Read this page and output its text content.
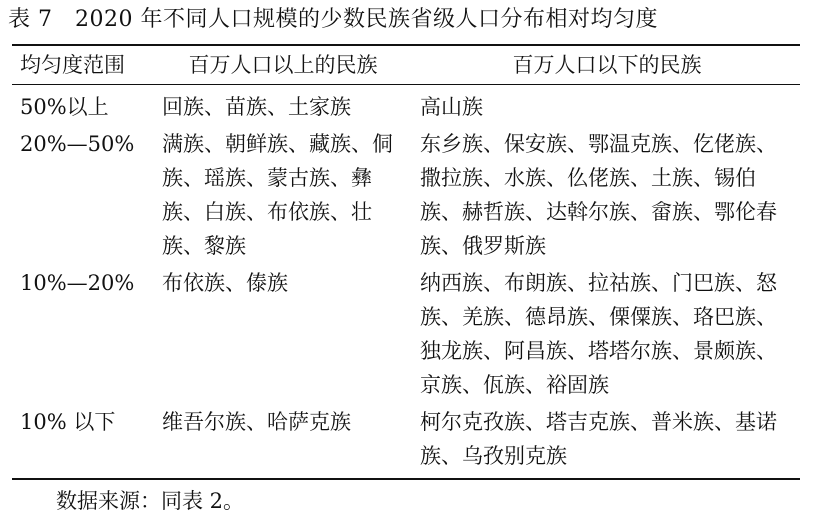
表 7　2020 年不同人口规模的少数民族省级人口分布相对均匀度
均匀度范围	百万人口以上的民族	百万人口以下的民族
50%以上	回族、苗族、土家族	高山族
20%—50%	满族、朝鲜族、藏族、侗族、瑶族、蒙古族、彝族、白族、布依族、壮族、黎族	东乡族、保安族、鄂温克族、仡佬族、撒拉族、水族、仫佬族、土族、锡伯族、赫哲族、达斡尔族、畲族、鄂伦春族、俄罗斯族
10%—20%	布依族、傣族	纳西族、布朗族、拉祜族、门巴族、怒族、羌族、德昂族、傈僳族、珞巴族、独龙族、阿昌族、塔塔尔族、景颇族、京族、佤族、裕固族
10% 以下	维吾尔族、哈萨克族	柯尔克孜族、塔吉克族、普米族、基诺族、乌孜别克族
数据来源：同表 2。
